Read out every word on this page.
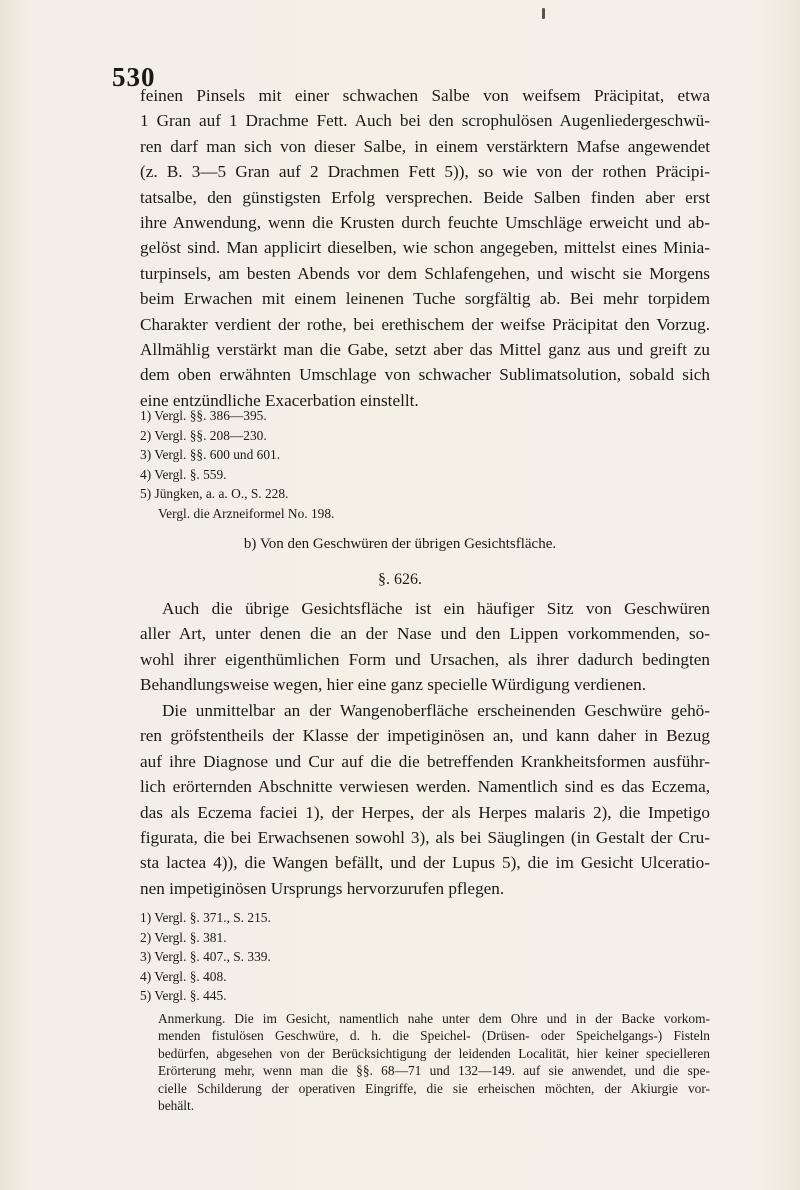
530
feinen Pinsels mit einer schwachen Salbe von weifsem Präcipitat, etwa
1 Gran auf 1 Drachme Fett. Auch bei den scrophulösen Augenliedergeschwü-
ren darf man sich von dieser Salbe, in einem verstärktern Mafse angewendet
(z. B. 3—5 Gran auf 2 Drachmen Fett 5)), so wie von der rothen Präcipi-
tatsalbe, den günstigsten Erfolg versprechen. Beide Salben finden aber erst
ihre Anwendung, wenn die Krusten durch feuchte Umschläge erweicht und ab-
gelöst sind. Man applicirt dieselben, wie schon angegeben, mittelst eines Minia-
turpinsels, am besten Abends vor dem Schlafengehen, und wischt sie Morgens
beim Erwachen mit einem leinenen Tuche sorgfältig ab. Bei mehr torpidem
Charakter verdient der rothe, bei erethischem der weifse Präcipitat den Vorzug.
Allmählig verstärkt man die Gabe, setzt aber das Mittel ganz aus und greift zu
dem oben erwähnten Umschlage von schwacher Sublimatsolution, sobald sich
eine entzündliche Exacerbation einstellt.
1) Vergl. §§. 386—395.
2) Vergl. §§. 208—230.
3) Vergl. §§. 600 und 601.
4) Vergl. §. 559.
5) Jüngken, a. a. O., S. 228.
Vergl. die Arzneiformel No. 198.
b) Von den Geschwüren der übrigen Gesichtsfläche.
§. 626.
Auch die übrige Gesichtsfläche ist ein häufiger Sitz von Geschwüren
aller Art, unter denen die an der Nase und den Lippen vorkommenden, so-
wohl ihrer eigenthümlichen Form und Ursachen, als ihrer dadurch bedingten
Behandlungsweise wegen, hier eine ganz specielle Würdigung verdienen.
Die unmittelbar an der Wangenoberfläche erscheinenden Geschwüre gehö-
ren gröfstentheils der Klasse der impetiginösen an, und kann daher in Bezug
auf ihre Diagnose und Cur auf die die betreffenden Krankheitsformen ausführ-
lich erörternden Abschnitte verwiesen werden. Namentlich sind es das Eczema,
das als Eczema faciei 1), der Herpes, der als Herpes malaris 2), die Impetigo
figurata, die bei Erwachsenen sowohl 3), als bei Säuglingen (in Gestalt der Cru-
sta lactea 4)), die Wangen befällt, und der Lupus 5), die im Gesicht Ulceratio-
nen impetiginösen Ursprungs hervorzurufen pflegen.
1) Vergl. §. 371., S. 215.
2) Vergl. §. 381.
3) Vergl. §. 407., S. 339.
4) Vergl. §. 408.
5) Vergl. §. 445.
Anmerkung. Die im Gesicht, namentlich nahe unter dem Ohre und in der Backe vorkom-
menden fistulösen Geschwüre, d. h. die Speichel- (Drüsen- oder Speichelgangs-) Fisteln
bedürfen, abgesehen von der Berücksichtigung der leidenden Localität, hier keiner specielleren
Erörterung mehr, wenn man die §§. 68—71 und 132—149. auf sie anwendet, und die spe-
cielle Schilderung der operativen Eingriffe, die sie erheischen möchten, der Akiurgie vor-
behält.
